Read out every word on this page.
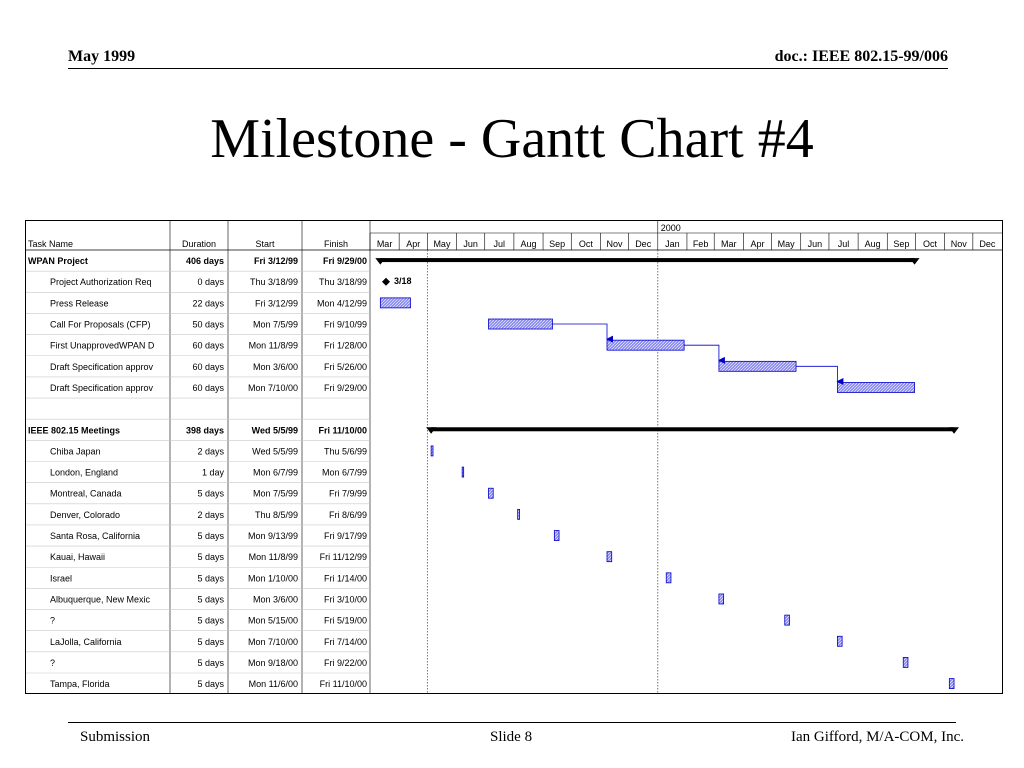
May 1999	doc.: IEEE 802.15-99/006
Milestone - Gantt Chart #4
Task Name	Duration	Start	Finish
WPAN Project	406 days	Fri 3/12/99	Fri 9/29/00
Project Authorization Req	0 days	Thu 3/18/99 Thu 3/18/99
Press Release	22 days	Fri 3/12/99 Mon 4/12/99
Call For Proposals (CFP)	50 days	Mon 7/5/99	Fri 9/10/99
First UnapprovedWPAN D	60 days	Mon 11/8/99	Fri 1/28/00
Draft Specification approv	60 days	Mon 3/6/00	Fri 5/26/00
Draft Specification approv	60 days	Mon 7/10/00	Fri 9/29/00
IEEE 802.15 Meetings	398 days	Wed 5/5/99 Fri 11/10/00
Chiba Japan	2 days	Wed 5/5/99	Thu 5/6/99
London, England	1 day	Mon 6/7/99	Mon 6/7/99
Montreal, Canada	5 days	Mon 7/5/99	Fri 7/9/99
Denver, Colorado	2 days	Thu 8/5/99	Fri 8/6/99
Santa Rosa, California	5 days	Mon 9/13/99	Fri 9/17/99
Kauai, Hawaii	5 days	Mon 11/8/99 Fri 11/12/99
Israel	5 days	Mon 1/10/00	Fri 1/14/00
Albuquerque, New Mexic	5 days	Mon 3/6/00	Fri 3/10/00
?	5 days	Mon 5/15/00	Fri 5/19/00
LaJolla, California	5 days	Mon 7/10/00	Fri 7/14/00
?	5 days	Mon 9/18/00	Fri 9/22/00
Tampa, Florida	5 days	Mon 11/6/00 Fri 11/10/00
2000
Mar Apr May Jun Jul Aug Sep Oct Nov Dec Jan Feb Mar Apr May Jun Jul Aug Sep Oct Nov Dec
3/18
Submission	Slide 8	Ian Gifford, M/A-COM, Inc.
